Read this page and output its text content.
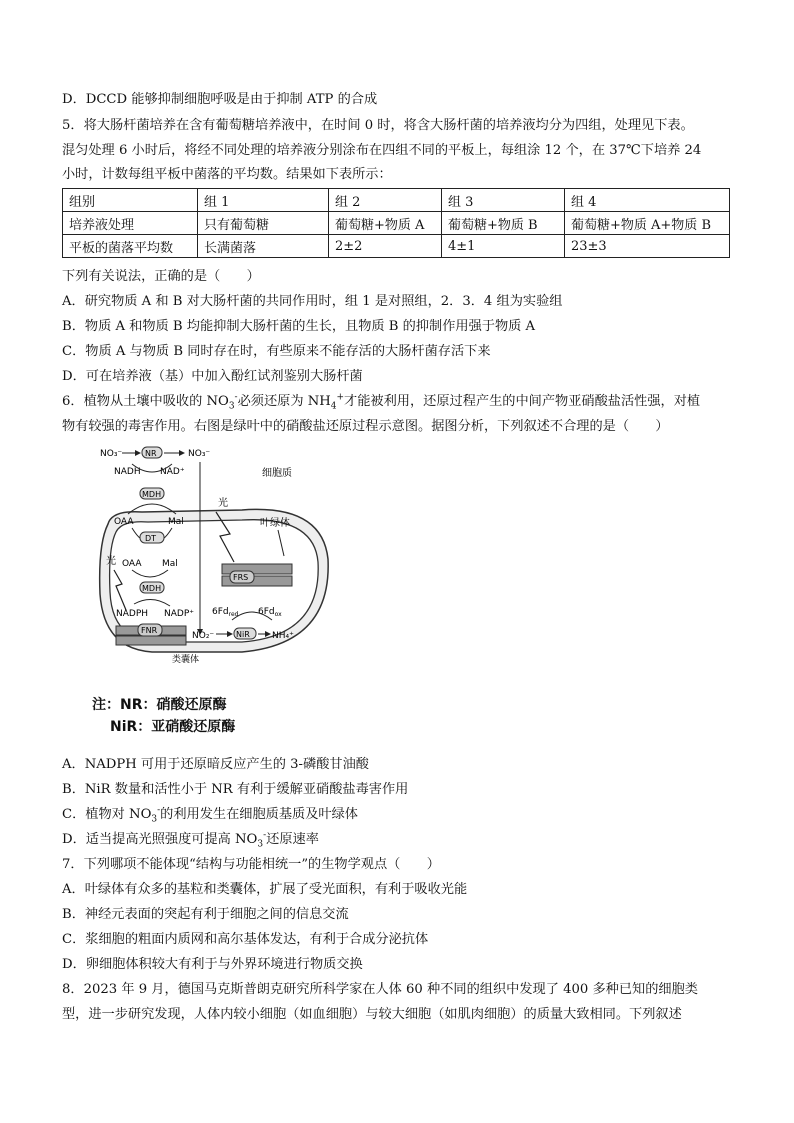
D．DCCD 能够抑制细胞呼吸是由于抑制 ATP 的合成
5．将大肠杆菌培养在含有葡萄糖培养液中，在时间 0 时，将含大肠杆菌的培养液均分为四组，处理见下表。
混匀处理 6 小时后，将经不同处理的培养液分别涂布在四组不同的平板上，每组涂 12 个，在 37℃下培养 24
小时，计数每组平板中菌落的平均数。结果如下表所示：
组别	组 1	组 2	组 3	组 4
培养液处理	只有葡萄糖	葡萄糖+物质 A	葡萄糖+物质 B	葡萄糖+物质 A+物质 B
平板的菌落平均数	长满菌落	2±2	4±1	23±3
下列有关说法，正确的是（　　）
A．研究物质 A 和 B 对大肠杆菌的共同作用时，组 1 是对照组，2．3．4 组为实验组
B．物质 A 和物质 B 均能抑制大肠杆菌的生长，且物质 B 的抑制作用强于物质 A
C．物质 A 与物质 B 同时存在时，有些原来不能存活的大肠杆菌存活下来
D．可在培养液（基）中加入酚红试剂鉴别大肠杆菌
6．植物从土壤中吸收的 $NO_3^-$必须还原为 $NH_4^+$才能被利用，还原过程产生的中间产物亚硝酸盐活性强，对植
物有较强的毒害作用。右图是绿叶中的硝酸盐还原过程示意图。据图分析，下列叙述不合理的是（　　）
细胞质
叶绿体
NO₃⁻	NR	NO₃⁻
NADH NAD⁺
MDH
OAA	Mal
DT
OAA Mal
MDH
光
NADPH NADP⁺
FNR
类囊体
光
FRS
$6Fd_{red}$ $6Fd_{ox}$
NO₂⁻	NiR NH₄⁺
注：NR：硝酸还原酶
NiR：亚硝酸还原酶
A．NADPH 可用于还原暗反应产生的 3-磷酸甘油酸
B．NiR 数量和活性小于 NR 有利于缓解亚硝酸盐毒害作用
C．植物对 $NO_3^-$的利用发生在细胞质基质及叶绿体
D．适当提高光照强度可提高 $NO_3^-$还原速率
7．下列哪项不能体现“结构与功能相统一”的生物学观点（　　）
A．叶绿体有众多的基粒和类囊体，扩展了受光面积，有利于吸收光能
B．神经元表面的突起有利于细胞之间的信息交流
C．浆细胞的粗面内质网和高尔基体发达，有利于合成分泌抗体
D．卵细胞体积较大有利于与外界环境进行物质交换
8．2023 年 9 月，德国马克斯普朗克研究所科学家在人体 60 种不同的组织中发现了 400 多种已知的细胞类
型，进一步研究发现，人体内较小细胞（如血细胞）与较大细胞（如肌肉细胞）的质量大致相同。下列叙述
